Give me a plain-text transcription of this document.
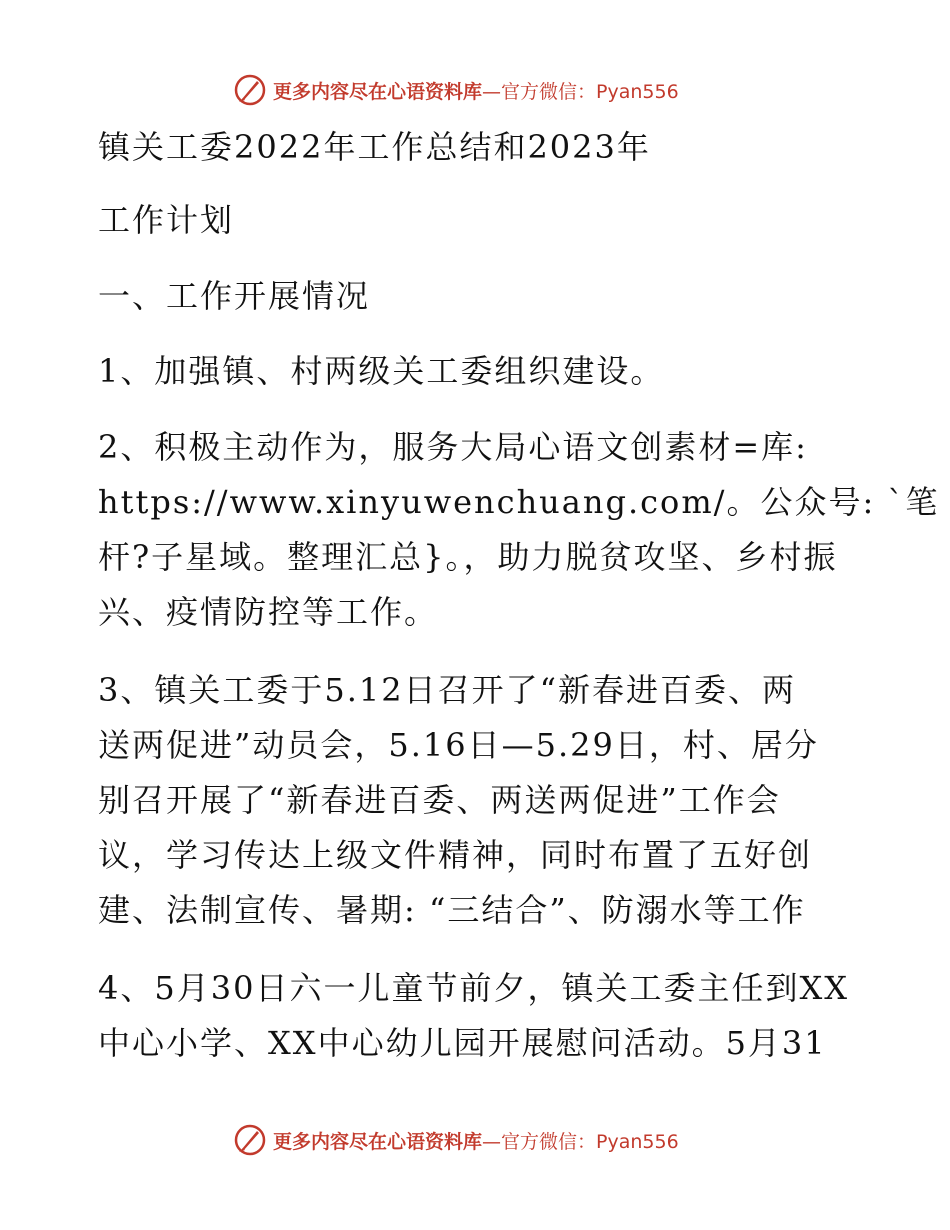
更多内容尽在心语资料库 —官方微信：Pyan556
镇关工委2022年工作总结和2023年
工作计划
一、工作开展情况
1、加强镇、村两级关工委组织建设。
2、积极主动作为，服务大局心语文创素材=库:
https://www.xinyuwenchuang.com/。公众号: `笔
杆?子星域。整理汇总}。，助力脱贫攻坚、乡村振
兴、疫情防控等工作。
3、镇关工委于5.12日召开了“新春进百委、两
送两促进”动员会，5.16日—5.29日，村、居分
别召开展了“新春进百委、两送两促进”工作会
议，学习传达上级文件精神，同时布置了五好创
建、法制宣传、暑期: “三结合”、防溺水等工作
4、5月30日六一儿童节前夕，镇关工委主任到XX
中心小学、XX中心幼儿园开展慰问活动。5月31
更多内容尽在心语资料库 —官方微信：Pyan556
